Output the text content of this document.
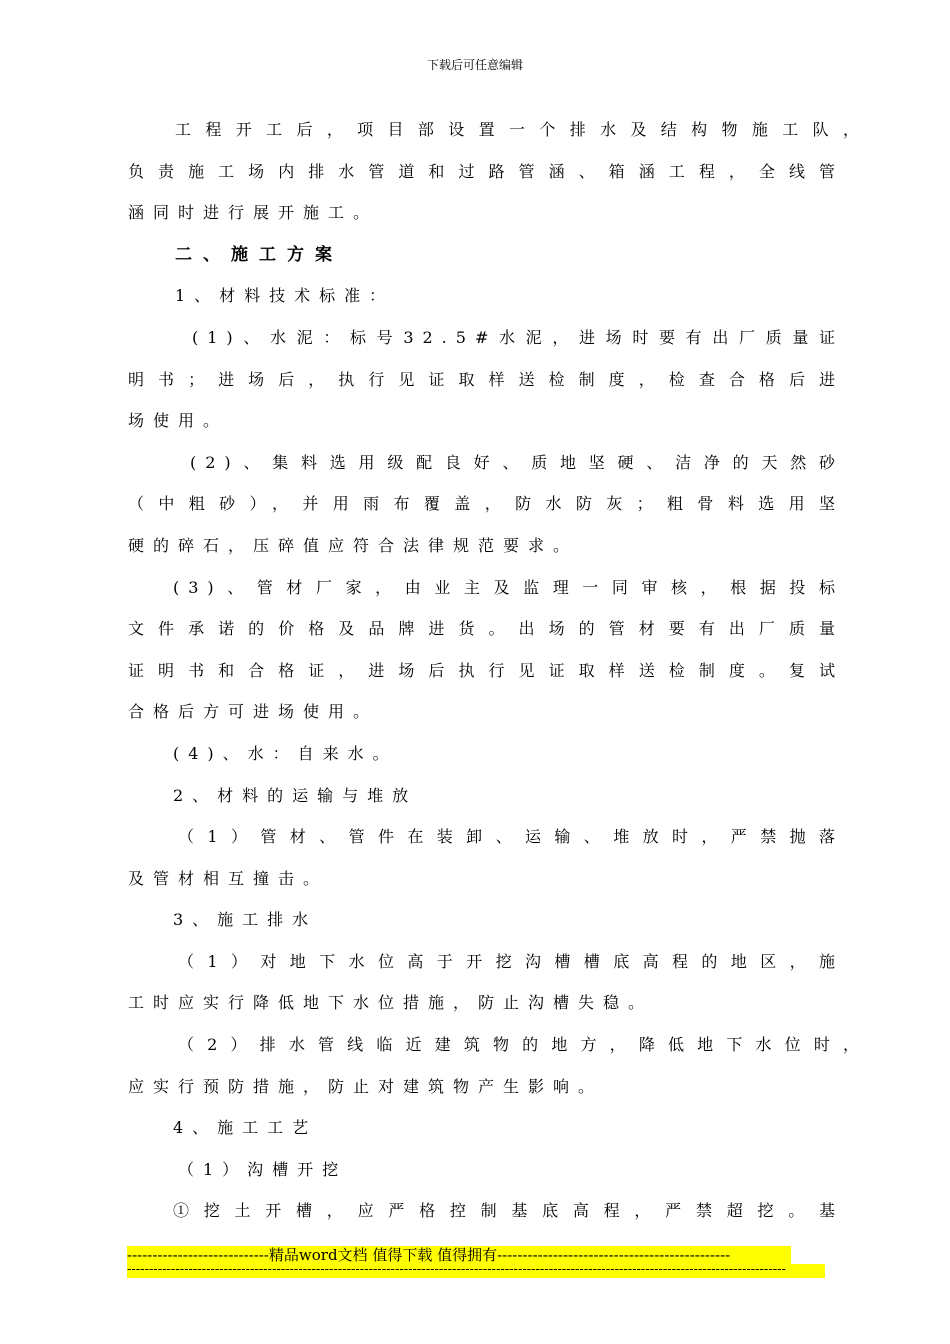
下载后可任意编辑
工程开工后，项目部设置一个排水及结构物施工队，
负责施工场内排水管道和过路管涵、箱涵工程，全线管
涵同时进行展开施工。
二、施工方案
1、材料技术标准：
(1)、水泥：标号32.5#水泥，进场时要有出厂质量证
明书；进场后，执行见证取样送检制度，检查合格后进
场使用。
(2)、集料选用级配良好、质地坚硬、洁净的天然砂
（中粗砂），并用雨布覆盖，防水防灰；粗骨料选用坚
硬的碎石，压碎值应符合法律规范要求。
(3)、管材厂家，由业主及监理一同审核，根据投标
文件承诺的价格及品牌进货。出场的管材要有出厂质量
证明书和合格证，进场后执行见证取样送检制度。复试
合格后方可进场使用。
(4)、水：自来水。
2、材料的运输与堆放
（1）管材、管件在装卸、运输、堆放时，严禁抛落
及管材相互撞击。
3、施工排水
（1）对地下水位高于开挖沟槽槽底高程的地区，施
工时应实行降低地下水位措施，防止沟槽失稳。
（2）排水管线临近建筑物的地方，降低地下水位时，
应实行预防措施，防止对建筑物产生影响。
4、施工工艺
（1）沟槽开挖
①挖土开槽，应严格控制基底高程，严禁超挖。基
----------------------------精品word文档 值得下载 值得拥有----------------------------------------------
------------------------------------------------------------------------------------------------------------------------------------------------------
